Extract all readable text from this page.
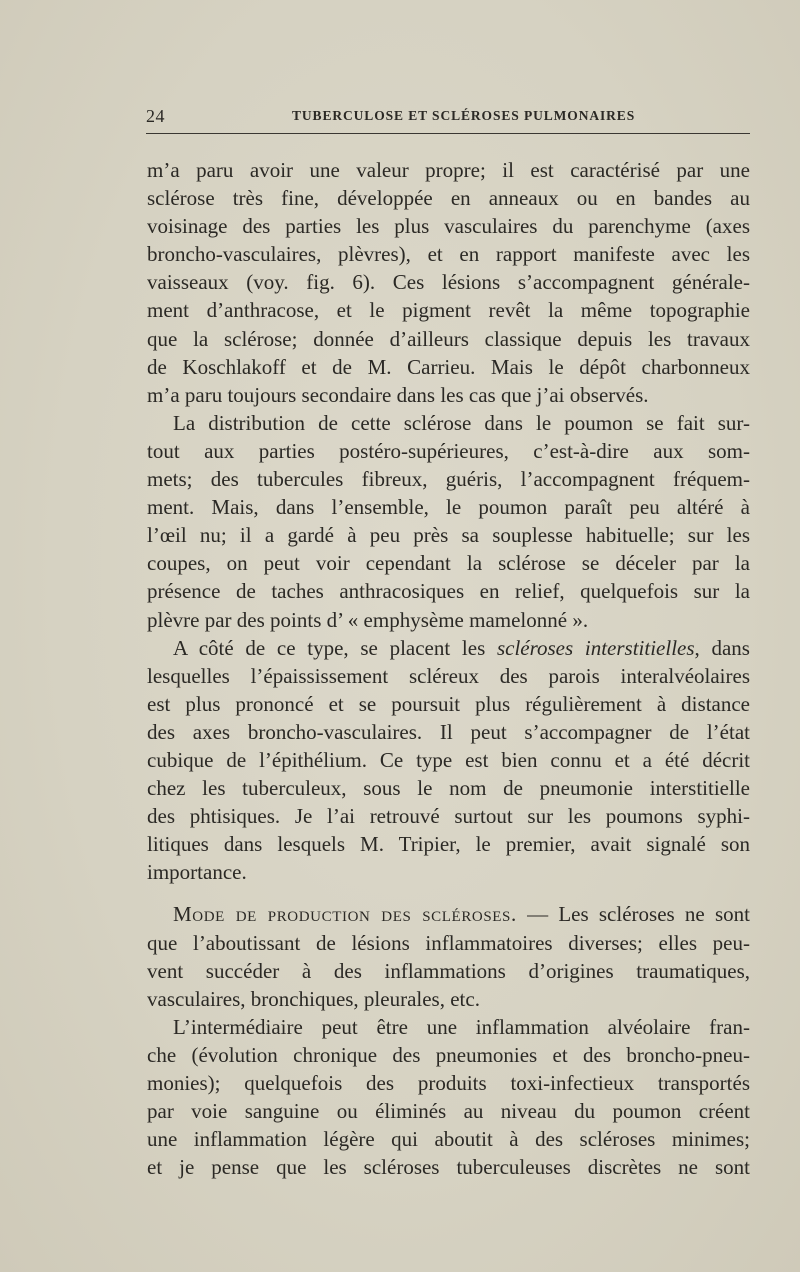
24	TUBERCULOSE ET SCLÉROSES PULMONAIRES
m’a paru avoir une valeur propre; il est caractérisé par une
sclérose très fine, développée en anneaux ou en bandes au
voisinage des parties les plus vasculaires du parenchyme (axes
broncho-vasculaires, plèvres), et en rapport manifeste avec les
vaisseaux (voy. fig. 6). Ces lésions s’accompagnent générale-
ment d’anthracose, et le pigment revêt la même topographie
que la sclérose; donnée d’ailleurs classique depuis les travaux
de Koschlakoff et de M. Carrieu. Mais le dépôt charbonneux
m’a paru toujours secondaire dans les cas que j’ai observés.
La distribution de cette sclérose dans le poumon se fait sur-
tout aux parties postéro-supérieures, c’est-à-dire aux som-
mets; des tubercules fibreux, guéris, l’accompagnent fréquem-
ment. Mais, dans l’ensemble, le poumon paraît peu altéré à
l’œil nu; il a gardé à peu près sa souplesse habituelle; sur les
coupes, on peut voir cependant la sclérose se déceler par la
présence de taches anthracosiques en relief, quelquefois sur la
plèvre par des points d’ « emphysème mamelonné ».
A côté de ce type, se placent les scléroses interstitielles, dans
lesquelles l’épaississement scléreux des parois interalvéolaires
est plus prononcé et se poursuit plus régulièrement à distance
des axes broncho-vasculaires. Il peut s’accompagner de l’état
cubique de l’épithélium. Ce type est bien connu et a été décrit
chez les tuberculeux, sous le nom de pneumonie interstitielle
des phtisiques. Je l’ai retrouvé surtout sur les poumons syphi-
litiques dans lesquels M. Tripier, le premier, avait signalé son
importance.
Mode de production des scléroses. — Les scléroses ne sont
que l’aboutissant de lésions inflammatoires diverses; elles peu-
vent succéder à des inflammations d’origines traumatiques,
vasculaires, bronchiques, pleurales, etc.
L’intermédiaire peut être une inflammation alvéolaire fran-
che (évolution chronique des pneumonies et des broncho-pneu-
monies); quelquefois des produits toxi-infectieux transportés
par voie sanguine ou éliminés au niveau du poumon créent
une inflammation légère qui aboutit à des scléroses minimes;
et je pense que les scléroses tuberculeuses discrètes ne sont
